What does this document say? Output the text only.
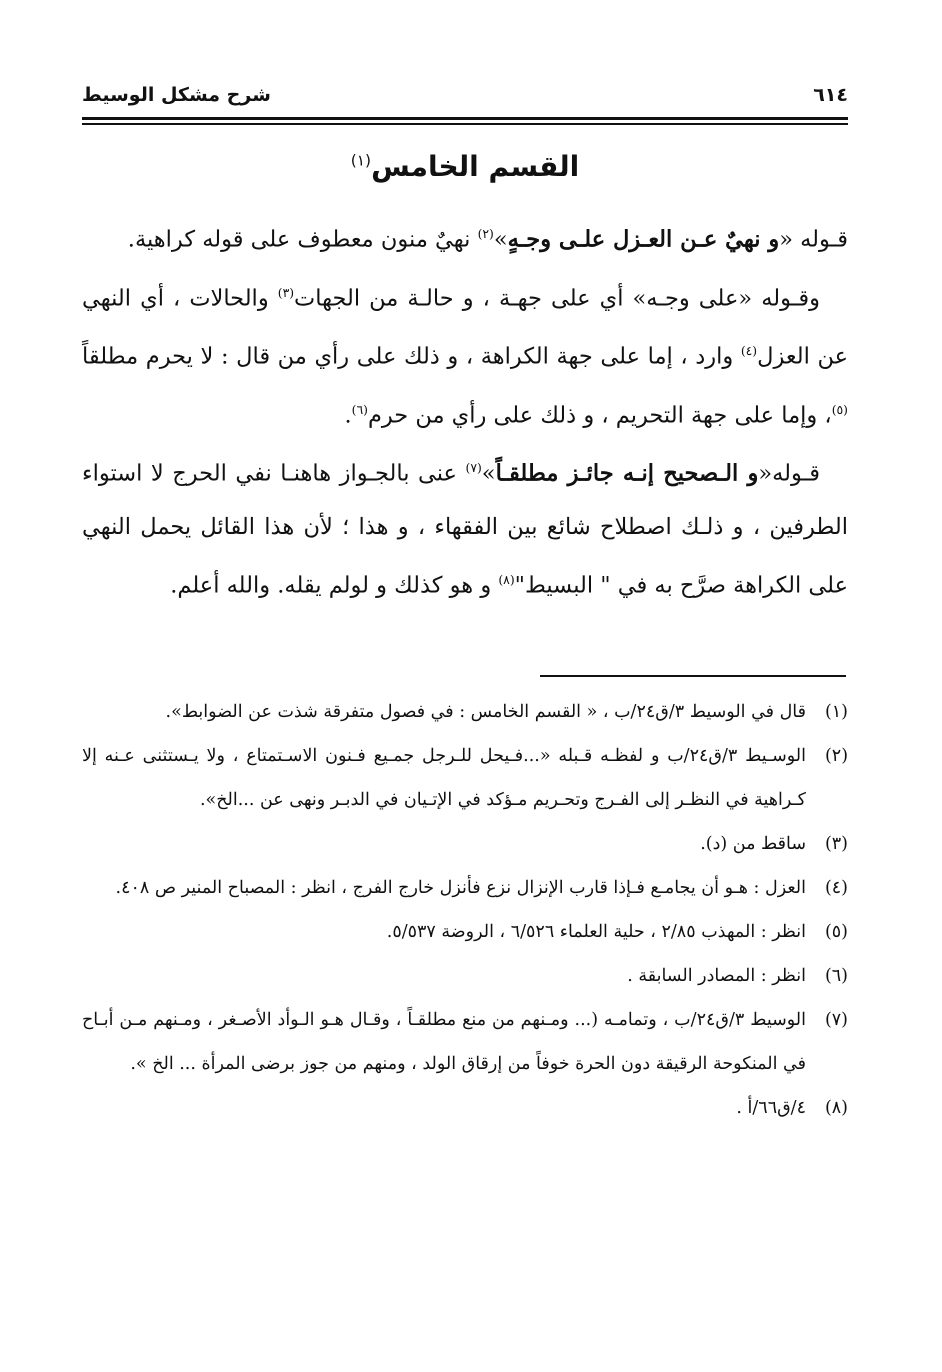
٦١٤
شرح مشكل الوسيط
القسم الخامس$^{(١)}$

قـوله «و نهيٌ عـن العـزل علـى وجـهٍ»$^{(٢)}$ نهيٌ منون معطوف على قوله كراهية.

وقـوله «على وجـه» أي على جهـة ، و حالـة من الجهات$^{(٣)}$ والحالات ، أي النهي عن العزل$^{(٤)}$ وارد ، إما على جهة الكراهة ، و ذلك على رأي من قال : لا يحرم مطلقاً $^{(٥)}$، وإما على جهة التحريم ، و ذلك على رأي من حرم$^{(٦)}$.

قـوله«و الـصحيح إنـه جائـز مطلقـاً»$^{(٧)}$ عنى بالجـواز هاهنـا نفي الحرج لا استواء الطرفين ، و ذلـك اصطلاح شائع بين الفقهاء ، و هذا ؛ لأن هذا القائل يحمل النهي على الكراهة صرَّح به في " البسيط"$^{(٨)}$ و هو كذلك و لولم يقله. والله أعلم.

(١)قال في الوسيط ٣/ق٢٤/ب ، « القسم الخامس : في فصول متفرقة شذت عن الضوابط».

(٢)الوسـيط ٣/ق٢٤/ب و لفظـه قـبله «...فـيحل للـرجل جمـيع فـنون الاسـتمتاع ، ولا يـستثنى عـنه إلا كـراهية في النظـر إلى الفـرج وتحـريم مـؤكد في الإتـيان في الدبـر ونهى عن ...الخ».

(٣)ساقط من (د).

(٤)العزل : هـو أن يجامـع فـإذا قارب الإنزال نزع فأنزل خارج الفرج ، انظر : المصباح المنير ص ٤٠٨.

(٥)انظر : المهذب ٢/٨٥ ، حلية العلماء ٦/٥٢٦ ، الروضة ٥/٥٣٧.

(٦)انظر : المصادر السابقة .

(٧)الوسيط ٣/ق٢٤/ب ، وتمامـه (... ومـنهم من منع مطلقـاً ، وقـال هـو الـوأد الأصـغر ، ومـنهم مـن أبـاح في المنكوحة الرقيقة دون الحرة خوفاً من إرقاق الولد ، ومنهم من جوز برضى المرأة ... الخ ».

(٨)٤/ق٦٦/أ .
